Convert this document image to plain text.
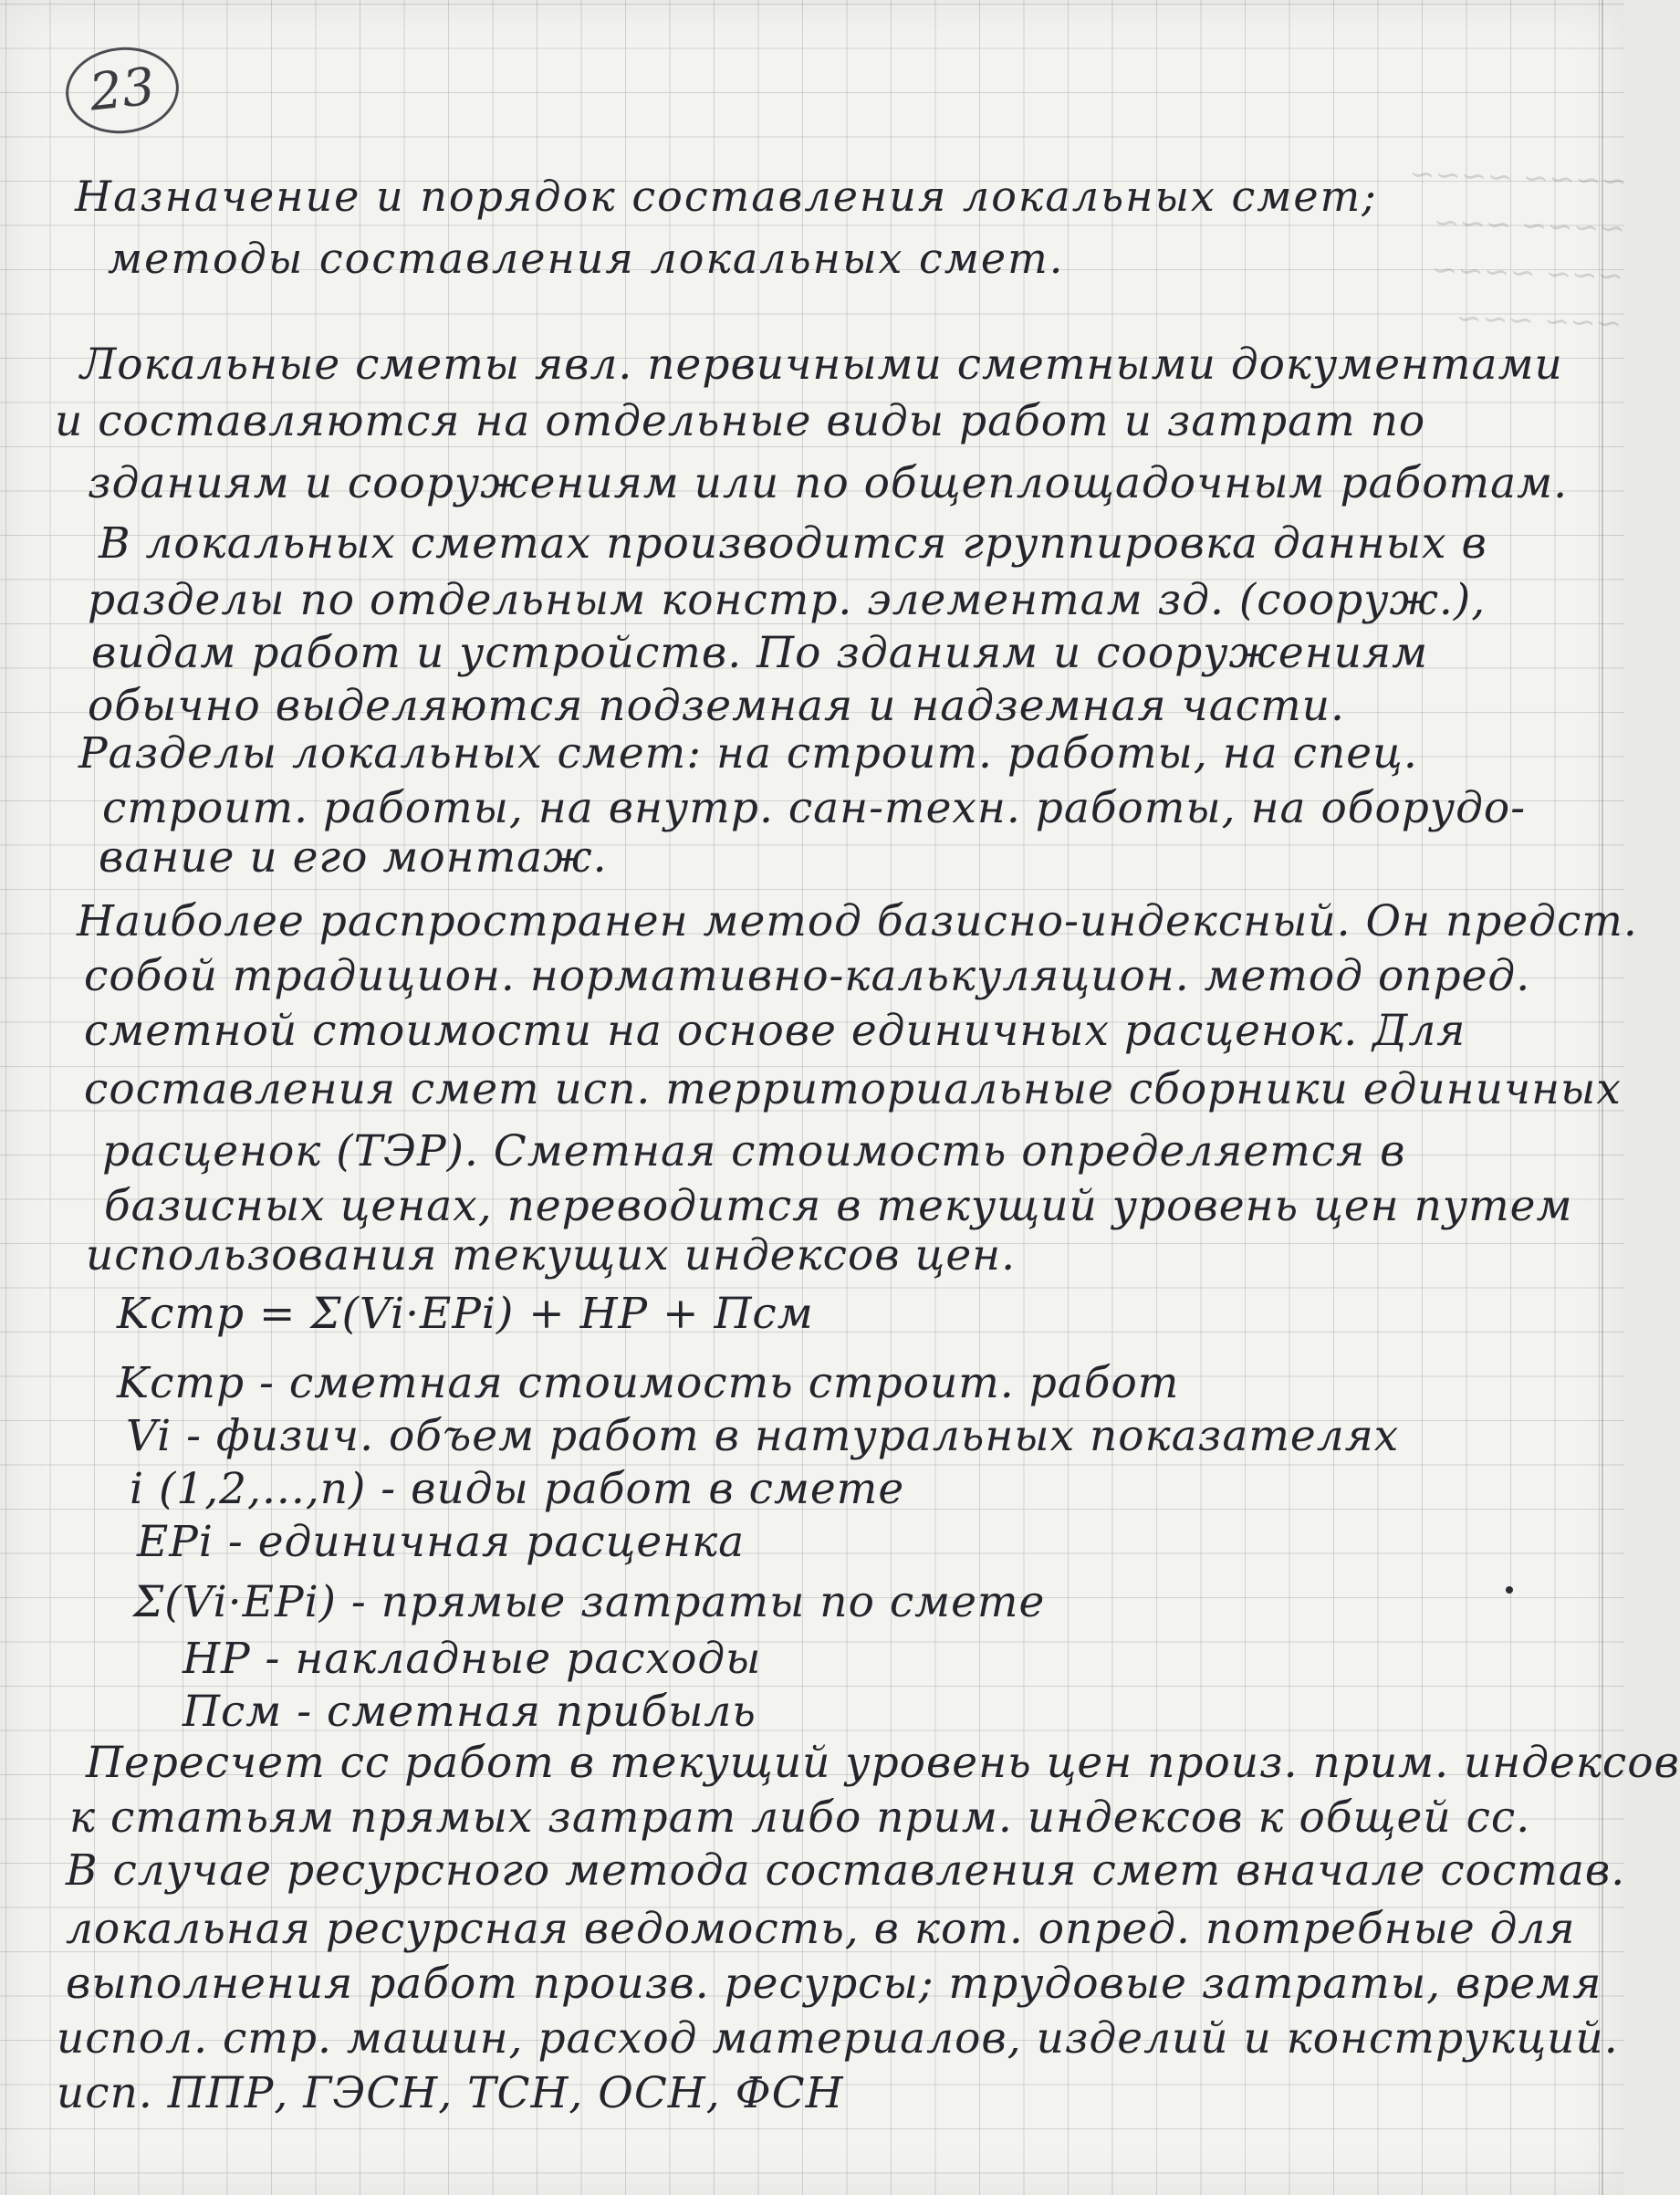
23
~~~~ ~~~~
~~~~ ~~~
~~~ ~~~~
~~~ ~~~
Назначение и порядок составления локальных смет;
методы составления локальных смет.
Локальные сметы явл. первичными сметными документами
и составляются на отдельные виды работ и затрат по
зданиям и сооружениям или по общеплощадочным работам.
В локальных сметах производится группировка данных в
разделы по отдельным констр. элементам зд. (сооруж.),
видам работ и устройств. По зданиям и сооружениям
обычно выделяются подземная и надземная части.
Разделы локальных смет: на строит. работы, на спец.
строит. работы, на внутр. сан-техн. работы, на оборудо-
вание и его монтаж.
Наиболее распространен метод базисно-индексный. Он предст.
собой традицион. нормативно-калькуляцион. метод опред.
сметной стоимости на основе единичных расценок. Для
составления смет исп. территориальные сборники единичных
расценок (ТЭР). Сметная стоимость определяется в
базисных ценах, переводится в текущий уровень цен путем
использования текущих индексов цен.
Kстр = Σ(Vi·EPi) + HP + Псм
Kстр - сметная стоимость строит. работ
Vi - физич. объем работ в натуральных показателях
i (1,2,...,n) - виды работ в смете
EPi - единичная расценка
Σ(Vi·EPi) - прямые затраты по смете
HP - накладные расходы
Псм - сметная прибыль
Пересчет сс работ в текущий уровень цен произ. прим. индексов
к статьям прямых затрат либо прим. индексов к общей сс.
В случае ресурсного метода составления смет вначале состав.
локальная ресурсная ведомость, в кот. опред. потребные для
выполнения работ произв. ресурсы; трудовые затраты, время
испол. стр. машин, расход материалов, изделий и конструкций.
исп. ППР, ГЭСН, ТСН, ОСН, ФСН
